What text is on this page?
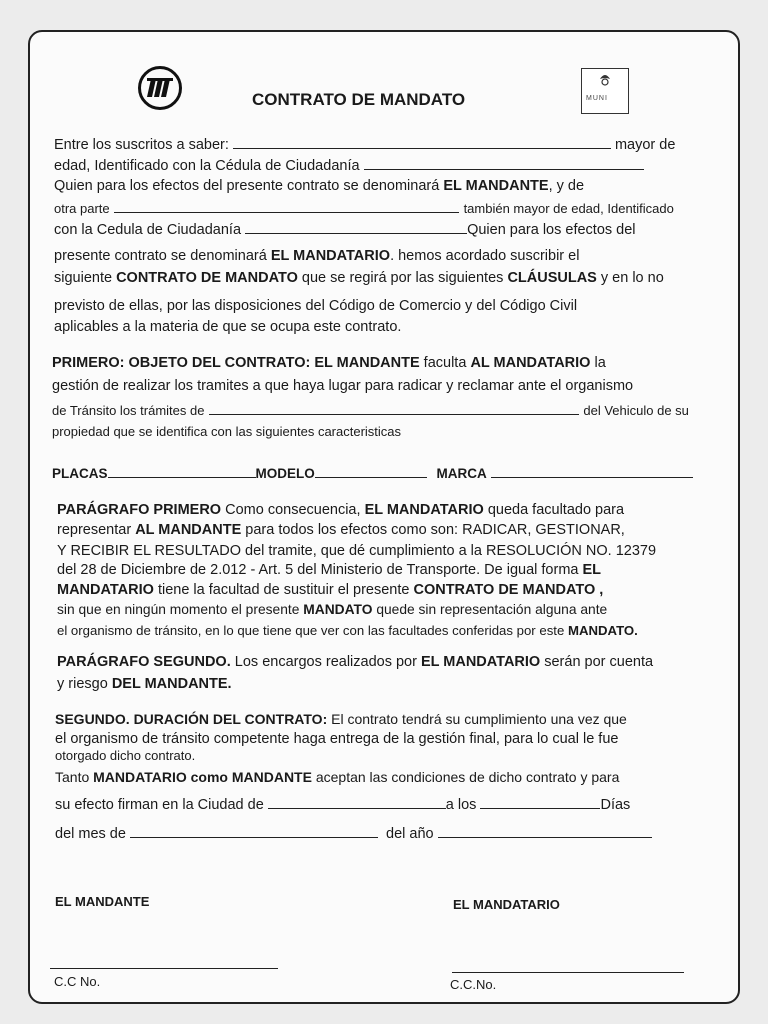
CONTRATO DE MANDATO	MUNI
Entre los suscritos a saber:	mayor de
edad, Identificado con la Cédula de Ciudadanía
Quien para los efectos del presente contrato se denominará EL MANDANTE, y de
otra parte	también mayor de edad, Identificado
con la Cedula de Ciudadanía	Quien para los efectos del
presente contrato se denominará EL MANDATARIO. hemos acordado suscribir el
siguiente CONTRATO DE MANDATO que se regirá por las siguientes CLÁUSULAS y en lo no
previsto de ellas, por las disposiciones del Código de Comercio y del Código Civil
aplicables a la materia de que se ocupa este contrato.
PRIMERO: OBJETO DEL CONTRATO: EL MANDANTE faculta AL MANDATARIO la
gestión de realizar los tramites a que haya lugar para radicar y reclamar ante el organismo
de Tránsito los trámites de	del Vehiculo de su
propiedad que se identifica con las siguientes caracteristicas
PLACAS	MODELO	MARCA
PARÁGRAFO PRIMERO Como consecuencia, EL MANDATARIO queda facultado para
representar AL MANDANTE para todos los efectos como son: RADICAR, GESTIONAR,
Y RECIBIR EL RESULTADO del tramite, que dé cumplimiento a la RESOLUCIÓN NO. 12379
del 28 de Diciembre de 2.012 - Art. 5 del Ministerio de Transporte. De igual forma EL
MANDATARIO tiene la facultad de sustituir el presente CONTRATO DE MANDATO ,
sin que en ningún momento el presente MANDATO quede sin representación alguna ante
el organismo de tránsito, en lo que tiene que ver con las facultades conferidas por este MANDATO.
PARÁGRAFO SEGUNDO. Los encargos realizados por EL MANDATARIO serán por cuenta
y riesgo DEL MANDANTE.
SEGUNDO. DURACIÓN DEL CONTRATO: El contrato tendrá su cumplimiento una vez que
el organismo de tránsito competente haga entrega de la gestión final, para lo cual le fue
otorgado dicho contrato.
Tanto MANDATARIO como MANDANTE aceptan las condiciones de dicho contrato y para
su efecto firman en la Ciudad de	a los	Días
del mes de	del año
EL MANDANTE	EL MANDATARIO
C.C No.	C.C.No.
